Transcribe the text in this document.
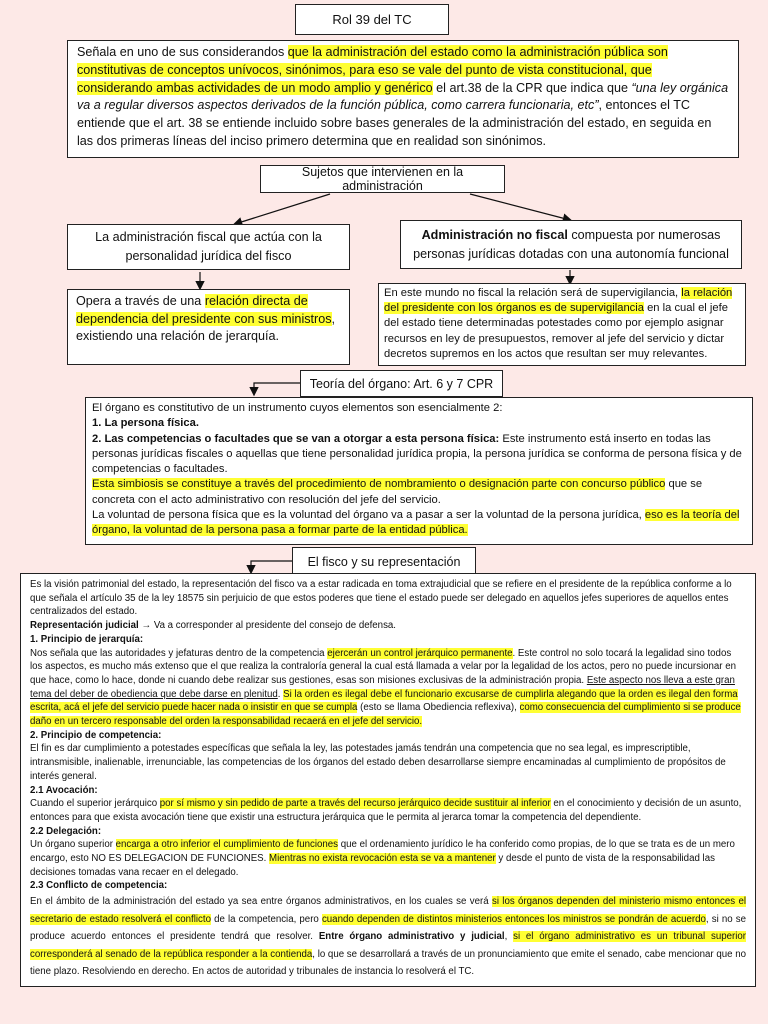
Rol 39 del TC
Señala en uno de sus considerandos que la administración del estado como la administración pública son constitutivas de conceptos unívocos, sinónimos, para eso se vale del punto de vista constitucional, que considerando ambas actividades de un modo amplio y genérico el art.38 de la CPR que indica que “una ley orgánica va a regular diversos aspectos derivados de la función pública, como carrera funcionaria, etc”, entonces el TC entiende que el art. 38 se entiende incluido sobre bases generales de la administración del estado, en seguida en las dos primeras líneas del inciso primero determina que en realidad son sinónimos.
Sujetos que intervienen en la administración
La administración fiscal que actúa con la personalidad jurídica del fisco
Administración no fiscal compuesta por numerosas personas jurídicas dotadas con una autonomía funcional
Opera a través de una relación directa de dependencia del presidente con sus ministros, existiendo una relación de jerarquía.
En este mundo no fiscal la relación será de supervigilancia, la relación del presidente con los órganos es de supervigilancia en la cual el jefe del estado tiene determinadas potestades como por ejemplo asignar recursos en ley de presupuestos, remover al jefe del servicio y dictar decretos supremos en los actos que resultan ser muy relevantes.
Teoría del órgano: Art. 6 y 7 CPR

El órgano es constitutivo de un instrumento cuyos elementos son esencialmente 2:

1. La persona física.

2. Las competencias o facultades que se van a otorgar a esta persona física: Este instrumento está inserto en todas las personas jurídicas fiscales o aquellas que tiene personalidad jurídica propia, la persona jurídica se conforma de persona física y de competencias o facultades.

Esta simbiosis se constituye a través del procedimiento de nombramiento o designación parte con concurso público que se concreta con el acto administrativo con resolución del jefe del servicio.

La voluntad de persona física que es la voluntad del órgano va a pasar a ser la voluntad de la persona jurídica, eso es la teoría del órgano, la voluntad de la persona pasa a formar parte de la entidad pública.

El fisco y su representación

Es la visión patrimonial del estado, la representación del fisco va a estar radicada en toma extrajudicial que se refiere en el presidente de la república conforme a lo que señala el artículo 35 de la ley 18575 sin perjuicio de que estos poderes que tiene el estado puede ser delegado en aquellos jefes superiores de aquellos entes centralizados del estado.

Representación judicial → Va a corresponder al presidente del consejo de defensa.

1. Principio de jerarquía:

Nos señala que las autoridades y jefaturas dentro de la competencia ejercerán un control jerárquico permanente. Este control no solo tocará la legalidad sino todos los aspectos, es mucho más extenso que el que realiza la contraloría general la cual está llamada a velar por la legalidad de los actos, pero no puede incursionar en que hace, como lo hace, donde ni cuando debe realizar sus gestiones, esas son misiones exclusivas de la administración propia. Este aspecto nos lleva a este gran tema del deber de obediencia que debe darse en plenitud. Si la orden es ilegal debe el funcionario excusarse de cumplirla alegando que la orden es ilegal den forma escrita, acá el jefe del servicio puede hacer nada o insistir en que se cumpla (esto se llama Obediencia reflexiva), como consecuencia del cumplimiento si se produce daño en un tercero responsable del orden la responsabilidad recaerá en el jefe del servicio.

2. Principio de competencia:

El fin es dar cumplimiento a potestades específicas que señala la ley, las potestades jamás tendrán una competencia que no sea legal, es imprescriptible, intransmisible, inalienable, irrenunciable, las competencias de los órganos del estado deben desarrollarse siempre encaminadas al cumplimiento de propósitos de interés general.

2.1 Avocación:

Cuando el superior jerárquico por sí mismo y sin pedido de parte a través del recurso jerárquico decide sustituir al inferior en el conocimiento y decisión de un asunto, entonces para que exista avocación tiene que existir una estructura jerárquica que le permita al jerarca tomar la competencia del dependiente.

2.2 Delegación:

Un órgano superior encarga a otro inferior el cumplimiento de funciones que el ordenamiento jurídico le ha conferido como propias, de lo que se trata es de un mero encargo, esto NO ES DELEGACION DE FUNCIONES. Mientras no exista revocación esta se va a mantener y desde el punto de vista de la responsabilidad las decisiones tomadas vana recaer en el delegado.

2.3 Conflicto de competencia:

En el ámbito de la administración del estado ya sea entre órganos administrativos, en los cuales se verá si los órganos dependen del ministerio mismo entonces el secretario de estado resolverá el conflicto de la competencia, pero cuando dependen de distintos ministerios entonces los ministros se pondrán de acuerdo, si no se produce acuerdo entonces el presidente tendrá que resolver. Entre órgano administrativo y judicial, si el órgano administrativo es un tribunal superior corresponderá al senado de la república responder a la contienda, lo que se desarrollará a través de un pronunciamiento que emite el senado, cabe mencionar que no tiene plazo. Resolviendo en derecho. En actos de autoridad y tribunales de instancia lo resolverá el TC.
